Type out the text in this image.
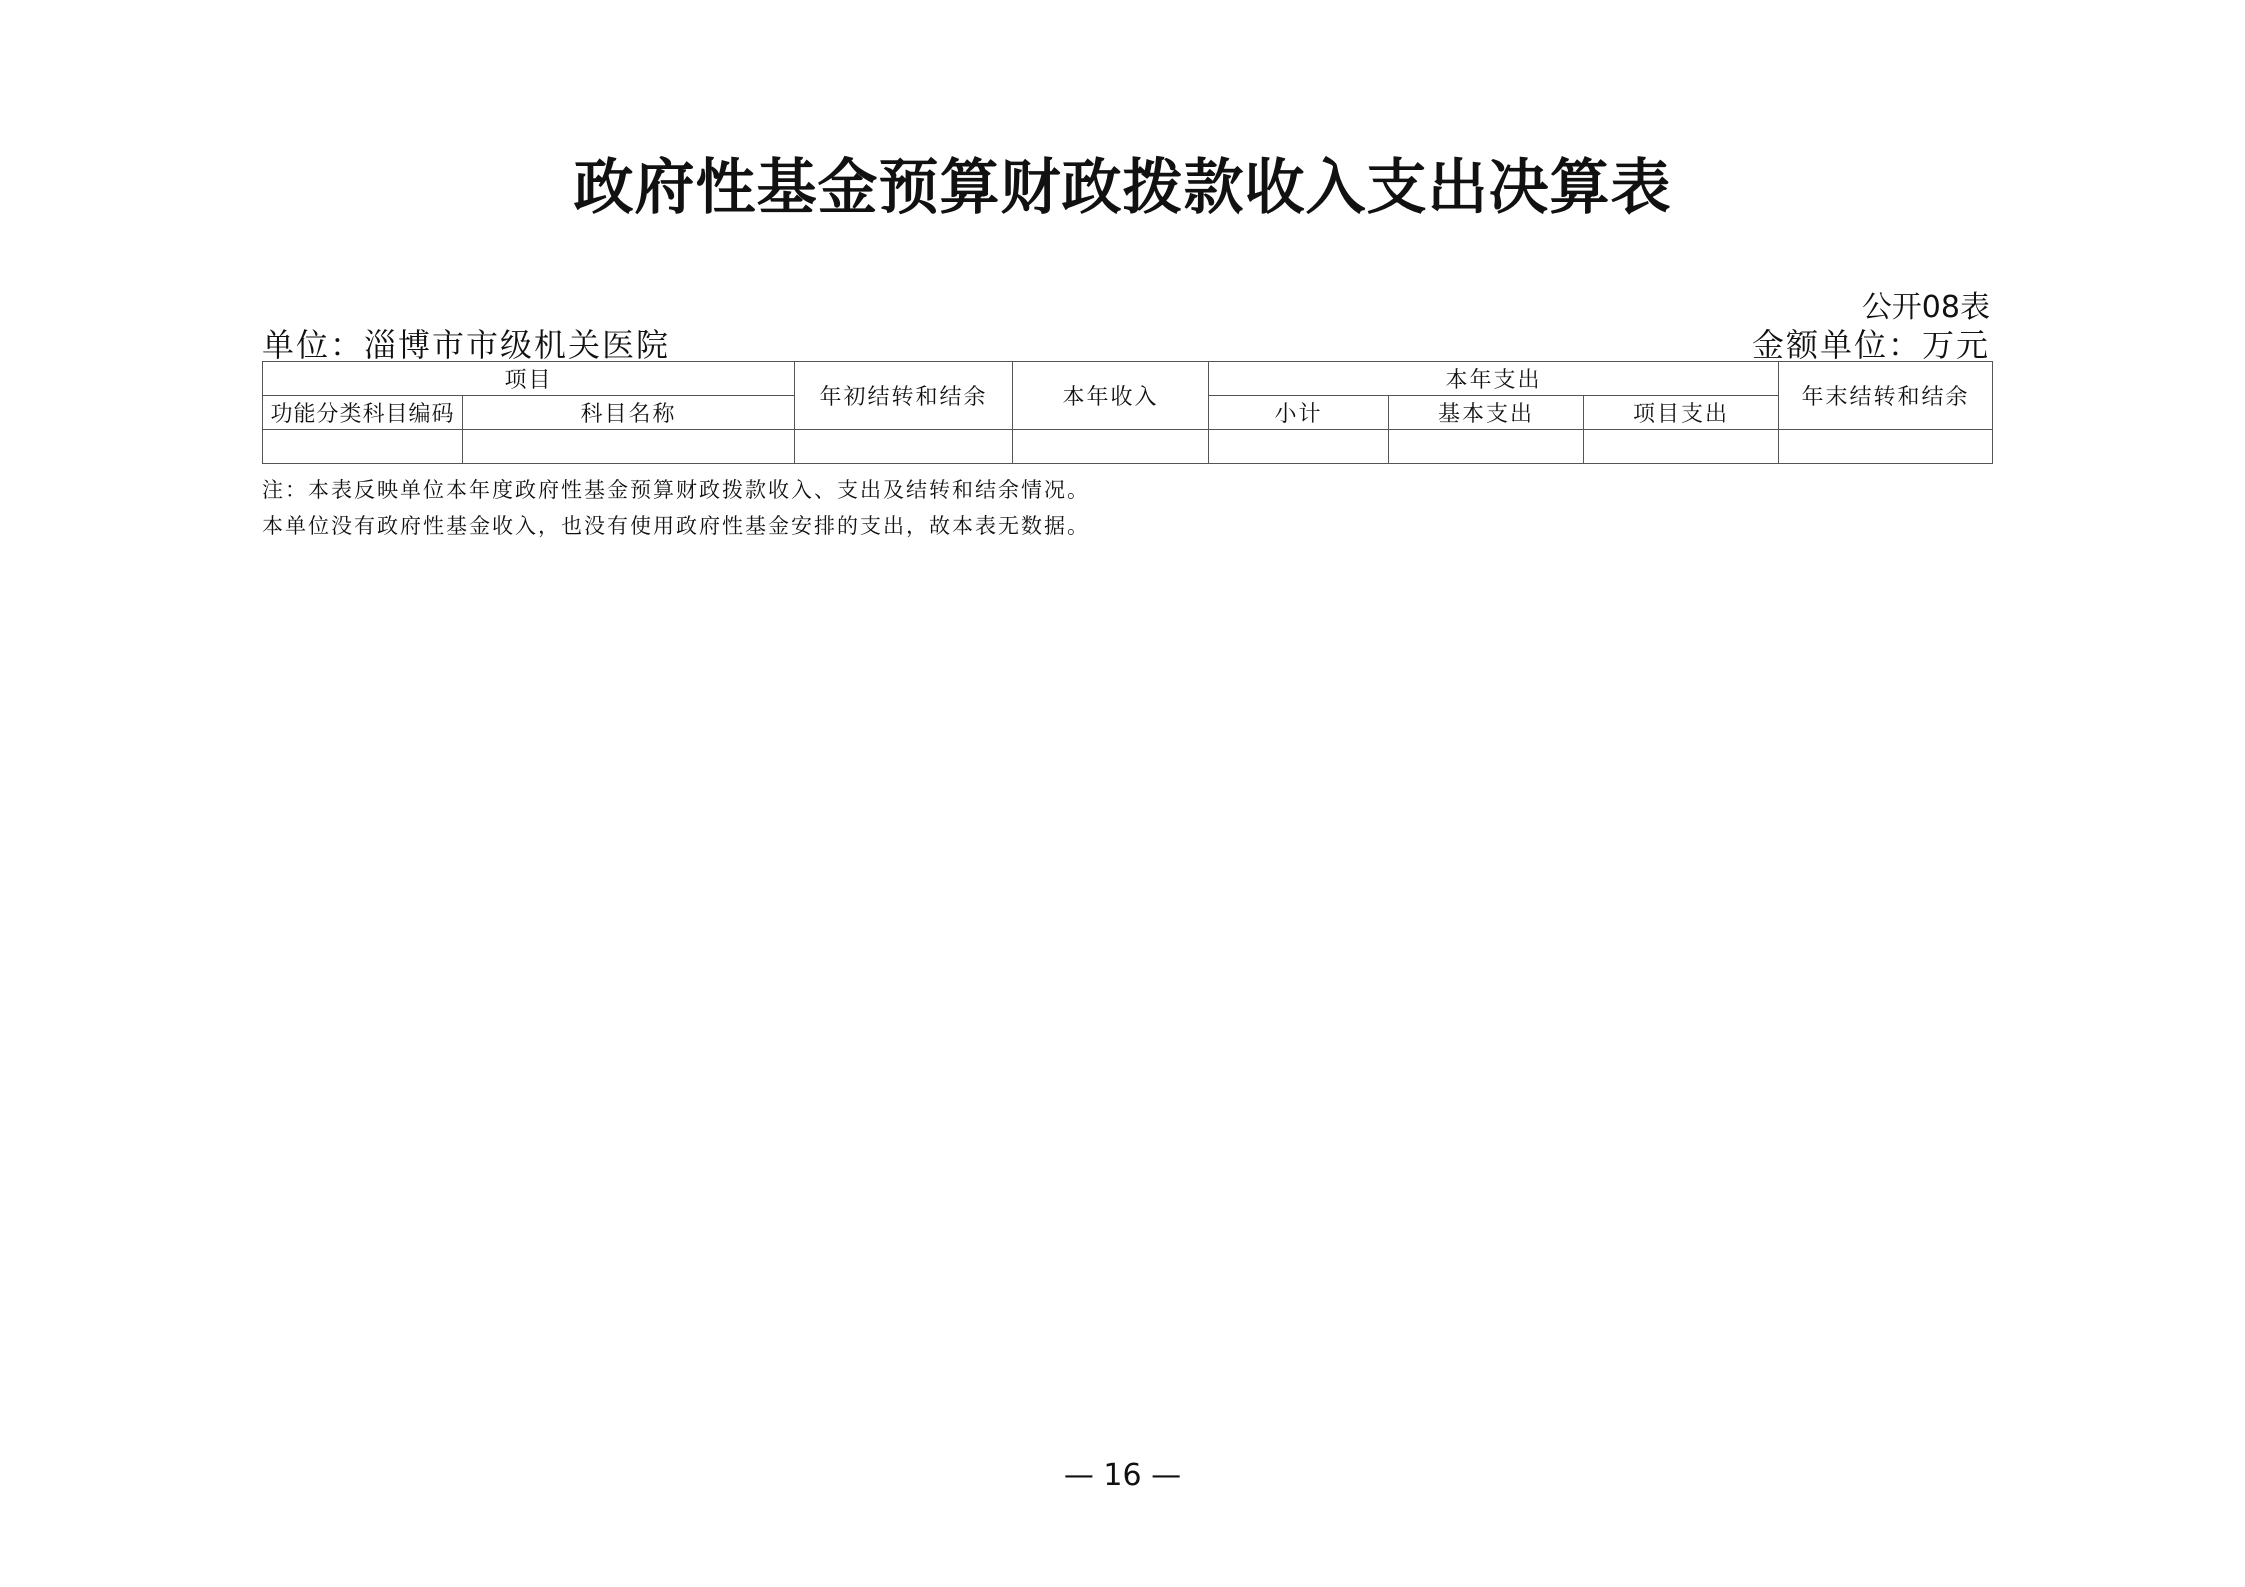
政府性基金预算财政拨款收入支出决算表
公开08表
单位：淄博市市级机关医院	金额单位：万元
项目		年初结转和结余	本年收入	本年支出			年末结转和结余
功能分类科目编码	科目名称			小计	基本支出	项目支出	

注：本表反映单位本年度政府性基金预算财政拨款收入、支出及结转和结余情况。
本单位没有政府性基金收入，也没有使用政府性基金安排的支出，故本表无数据。
— 16 —
